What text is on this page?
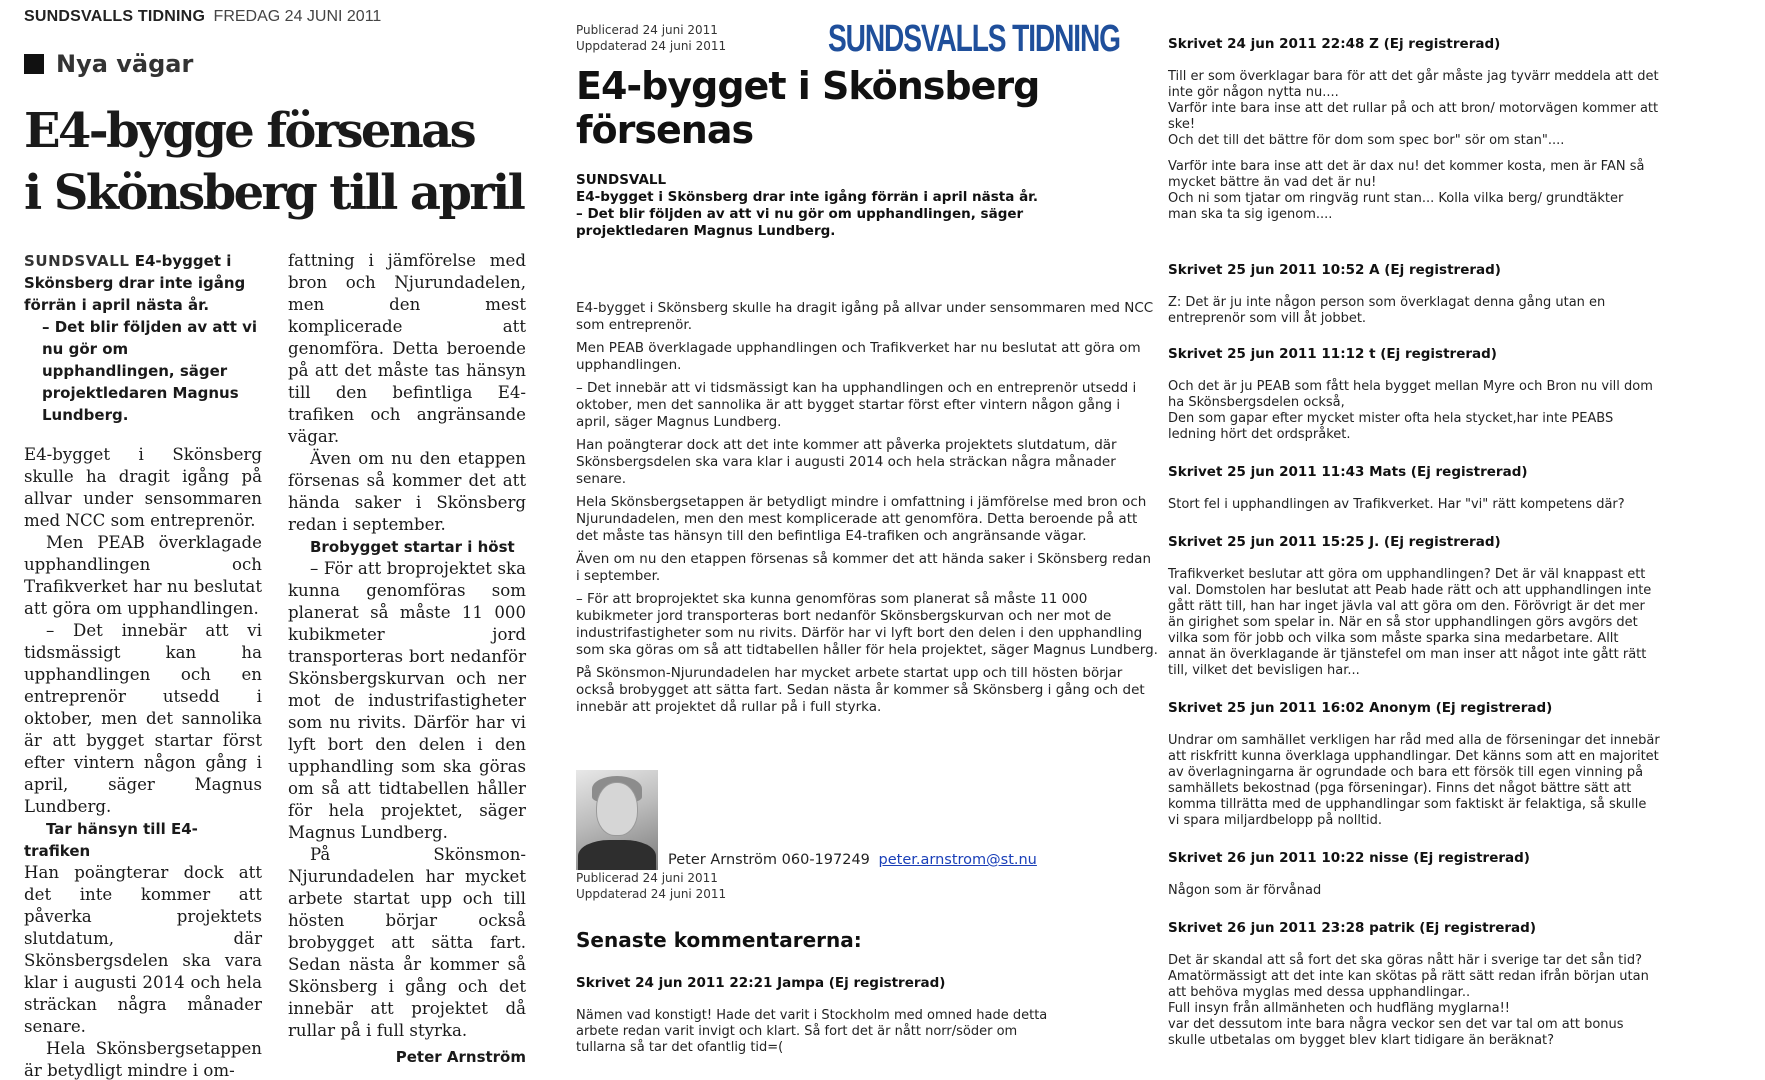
SUNDSVALLS TIDNING FREDAG 24 JUNI 2011
Nya vägar
E4-bygge försenas
i Skönsberg till april
SUNDSVALL E4-bygget i Skönsberg drar inte igång förrän i april nästa år.

– Det blir följden av att vi nu gör om upphandlingen, säger projektledaren Magnus Lundberg.

E4-bygget i Skönsberg skulle ha dragit igång på allvar under sensommaren med NCC som entreprenör.

Men PEAB överklagade upphandlingen och Trafikverket har nu beslutat att göra om upphandlingen.

– Det innebär att vi tidsmässigt kan ha upphandlingen och en entreprenör utsedd i oktober, men det sannolika är att bygget startar först efter vintern någon gång i april, säger Magnus Lundberg.

Tar hänsyn till E4-trafiken

Han poängterar dock att det inte kommer att påverka projektets slutdatum, där Skönsbergsdelen ska vara klar i augusti 2014 och hela sträckan några månader senare.

Hela Skönsbergsetappen är betydligt mindre i om-

fattning i jämförelse med bron och Njurundadelen, men den mest komplicerade att genomföra. Detta beroende på att det måste tas hänsyn till den befintliga E4-trafiken och angränsande vägar.

Även om nu den etappen försenas så kommer det att hända saker i Skönsberg redan i september.

Brobygget startar i höst

– För att broprojektet ska kunna genomföras som planerat så måste 11 000 kubikmeter jord transporteras bort nedanför Skönsbergskurvan och ner mot de industrifastigheter som nu rivits. Därför har vi lyft bort den delen i den upphandling som ska göras om så att tidtabellen håller för hela projektet, säger Magnus Lundberg.

På Skönsmon-Njurundadelen har mycket arbete startat upp och till hösten börjar också brobygget att sätta fart. Sedan nästa år kommer så Skönsberg i gång och det innebär att projektet då rullar på i full styrka.

Peter Arnström
Publicerad 24 juni 2011
Uppdaterad 24 juni 2011	SUNDSVALLS TIDNING
E4-bygget i Skönsberg
försenas
SUNDSVALL
E4-bygget i Skönsberg drar inte igång förrän i april nästa år.
– Det blir följden av att vi nu gör om upphandlingen, säger projektledaren Magnus Lundberg.

E4-bygget i Skönsberg skulle ha dragit igång på allvar under sensommaren med NCC som entreprenör.

Men PEAB överklagade upphandlingen och Trafikverket har nu beslutat att göra om upphandlingen.

– Det innebär att vi tidsmässigt kan ha upphandlingen och en entreprenör utsedd i oktober, men det sannolika är att bygget startar först efter vintern någon gång i april, säger Magnus Lundberg.

Han poängterar dock att det inte kommer att påverka projektets slutdatum, där Skönsbergsdelen ska vara klar i augusti 2014 och hela sträckan några månader senare.

Hela Skönsbergsetappen är betydligt mindre i omfattning i jämförelse med bron och Njurundadelen, men den mest komplicerade att genomföra. Detta beroende på att det måste tas hänsyn till den befintliga E4-trafiken och angränsande vägar.

Även om nu den etappen försenas så kommer det att hända saker i Skönsberg redan i september.

– För att broprojektet ska kunna genomföras som planerat så måste 11 000 kubikmeter jord transporteras bort nedanför Skönsbergskurvan och ner mot de industrifastigheter som nu rivits. Därför har vi lyft bort den delen i den upphandling som ska göras om så att tidtabellen håller för hela projektet, säger Magnus Lundberg.

På Skönsmon-Njurundadelen har mycket arbete startat upp och till hösten börjar också brobygget att sätta fart. Sedan nästa år kommer så Skönsberg i gång och det innebär att projektet då rullar på i full styrka.

Peter Arnström 060-197249 peter.arnstrom@st.nu
Publicerad 24 juni 2011
Uppdaterad 24 juni 2011
Senaste kommentarerna:
Skrivet 24 jun 2011 22:21 Jampa (Ej registrerad)
Nämen vad konstigt! Hade det varit i Stockholm med omned hade detta
arbete redan varit invigt och klart. Så fort det är nått norr/söder om
tullarna så tar det ofantlig tid=(
Skrivet 24 jun 2011 22:48 Z (Ej registrerad)
Till er som överklagar bara för att det går måste jag tyvärr meddela att det
inte gör någon nytta nu....
Varför inte bara inse att det rullar på och att bron/ motorvägen kommer att
ske!
Och det till det bättre för dom som spec bor" sör om stan"....
Varför inte bara inse att det är dax nu! det kommer kosta, men är FAN så
mycket bättre än vad det är nu!
Och ni som tjatar om ringväg runt stan... Kolla vilka berg/ grundtäkter
man ska ta sig igenom....
Skrivet 25 jun 2011 10:52 A (Ej registrerad)
Z: Det är ju inte någon person som överklagat denna gång utan en
entreprenör som vill åt jobbet.
Skrivet 25 jun 2011 11:12 t (Ej registrerad)
Och det är ju PEAB som fått hela bygget mellan Myre och Bron nu vill dom
ha Skönsbergsdelen också,
Den som gapar efter mycket mister ofta hela stycket,har inte PEABS
ledning hört det ordspråket.
Skrivet 25 jun 2011 11:43 Mats (Ej registrerad)
Stort fel i upphandlingen av Trafikverket. Har "vi" rätt kompetens där?
Skrivet 25 jun 2011 15:25 J. (Ej registrerad)
Trafikverket beslutar att göra om upphandlingen? Det är väl knappast ett
val. Domstolen har beslutat att Peab hade rätt och att upphandlingen inte
gått rätt till, han har inget jävla val att göra om den. Förövrigt är det mer
än girighet som spelar in. När en så stor upphandlingen görs avgörs det
vilka som för jobb och vilka som måste sparka sina medarbetare. Allt
annat än överklagande är tjänstefel om man inser att något inte gått rätt
till, vilket det bevisligen har...
Skrivet 25 jun 2011 16:02 Anonym (Ej registrerad)
Undrar om samhället verkligen har råd med alla de förseningar det innebär
att riskfritt kunna överklaga upphandlingar. Det känns som att en majoritet
av överlagningarna är ogrundade och bara ett försök till egen vinning på
samhällets bekostnad (pga förseningar). Finns det något bättre sätt att
komma tillrätta med de upphandlingar som faktiskt är felaktiga, så skulle
vi spara miljardbelopp på nolltid.
Skrivet 26 jun 2011 10:22 nisse (Ej registrerad)
Någon som är förvånad
Skrivet 26 jun 2011 23:28 patrik (Ej registrerad)
Det är skandal att så fort det ska göras nått här i sverige tar det sån tid?
Amatörmässigt att det inte kan skötas på rätt sätt redan ifrån början utan
att behöva myglas med dessa upphandlingar..
Full insyn från allmänheten och hudfläng myglarna!!
var det dessutom inte bara några veckor sen det var tal om att bonus
skulle utbetalas om bygget blev klart tidigare än beräknat?
